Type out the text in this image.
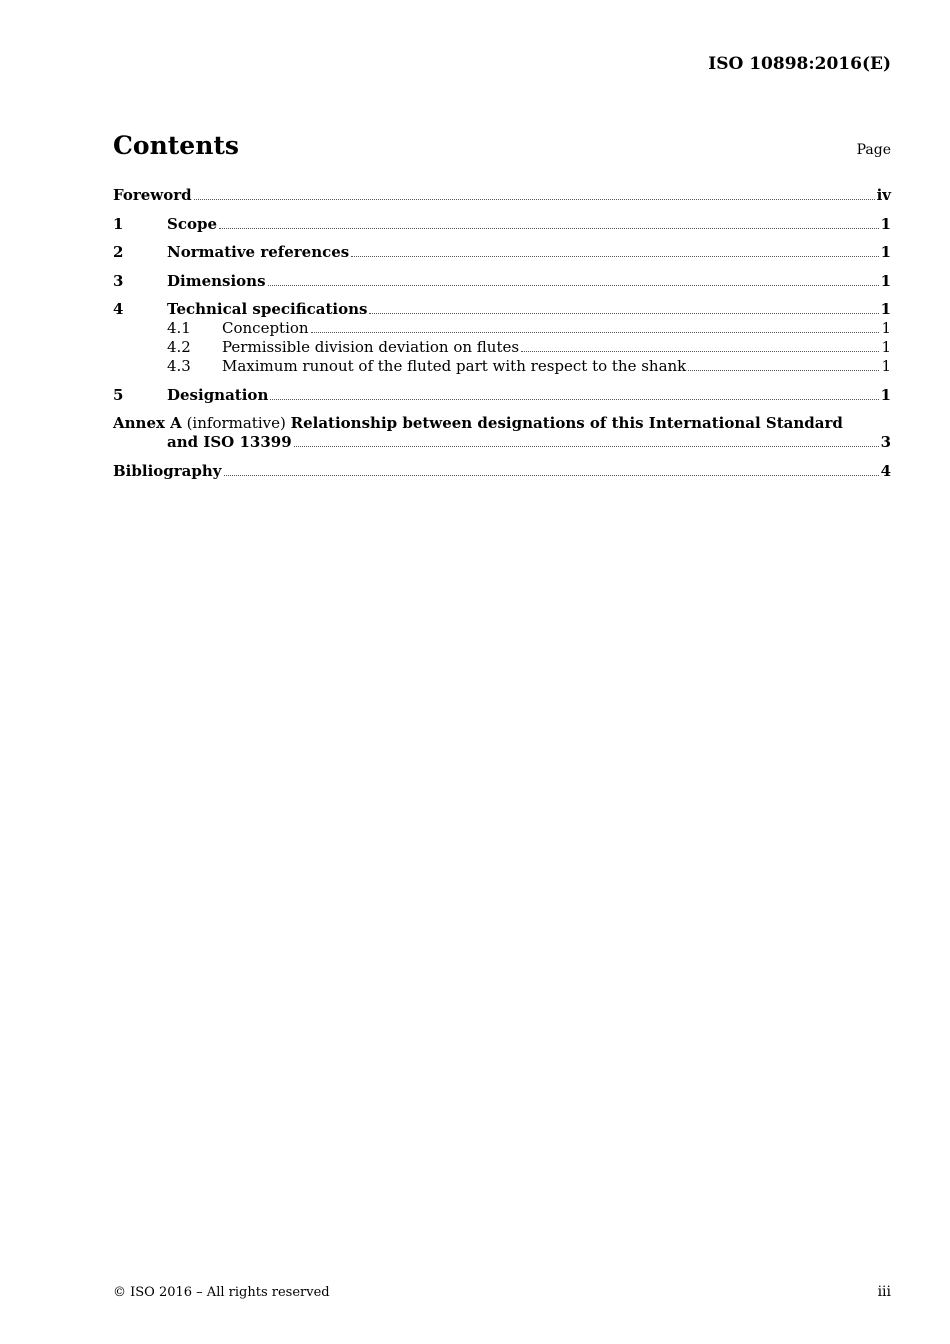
ISO 10898:2016(E)
Contents	Page
Foreword	iv
1	Scope	1
2	Normative references	1
3	Dimensions	1
4	Technical specifications	1
4.1	Conception	1
4.2	Permissible division deviation on flutes	1
4.3	Maximum runout of the fluted part with respect to the shank	1
5	Designation	1
Annex A (informative) Relationship between designations of this International Standard
and ISO 13399	3
Bibliography	4
© ISO 2016 – All rights reserved	iii
